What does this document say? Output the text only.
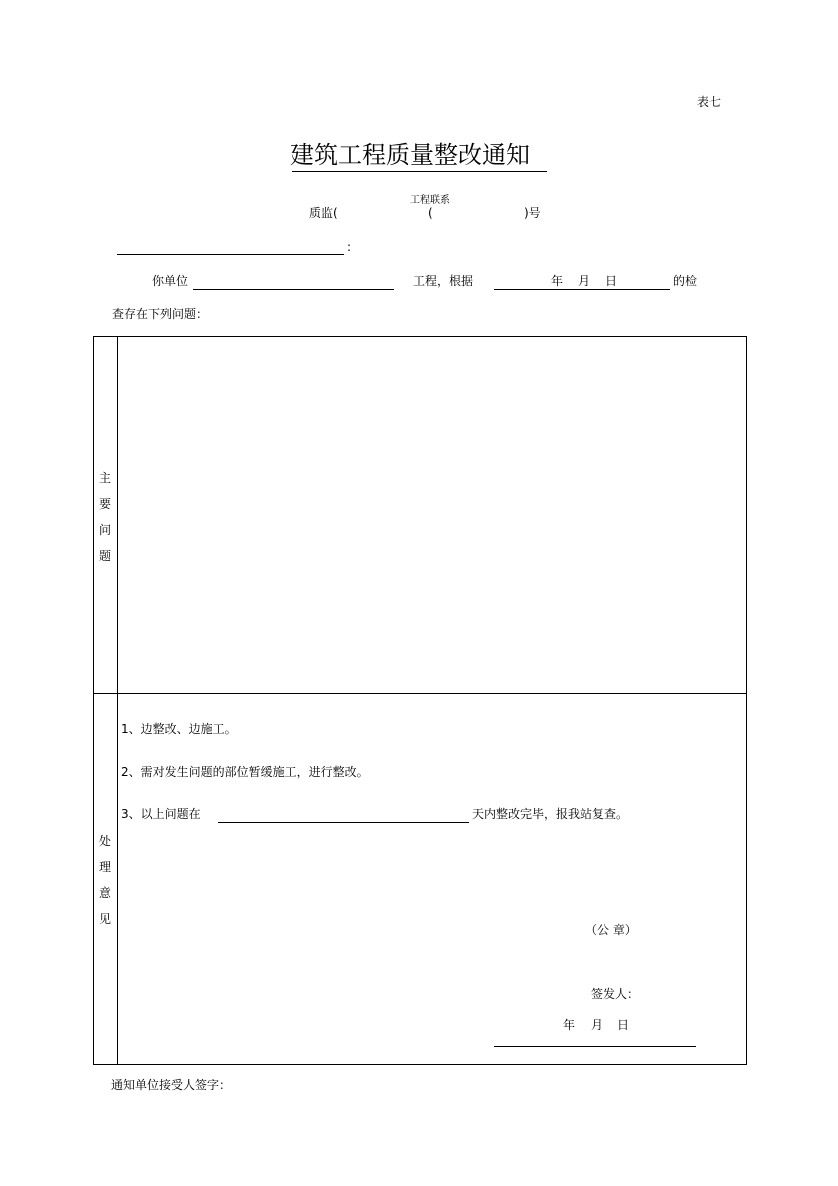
表七
建筑工程质量整改通知
质监(
工程联系
(	)号
:
你单位	工程，根据	年 月 日	的检
查存在下列问题：
主
要
问
题
处
理
意
见
1、边整改、边施工。
2、需对发生问题的部位暂缓施工，进行整改。
3、以上问题在	天内整改完毕，报我站复查。
（公 章）
签发人：
年 月 日
通知单位接受人签字：
